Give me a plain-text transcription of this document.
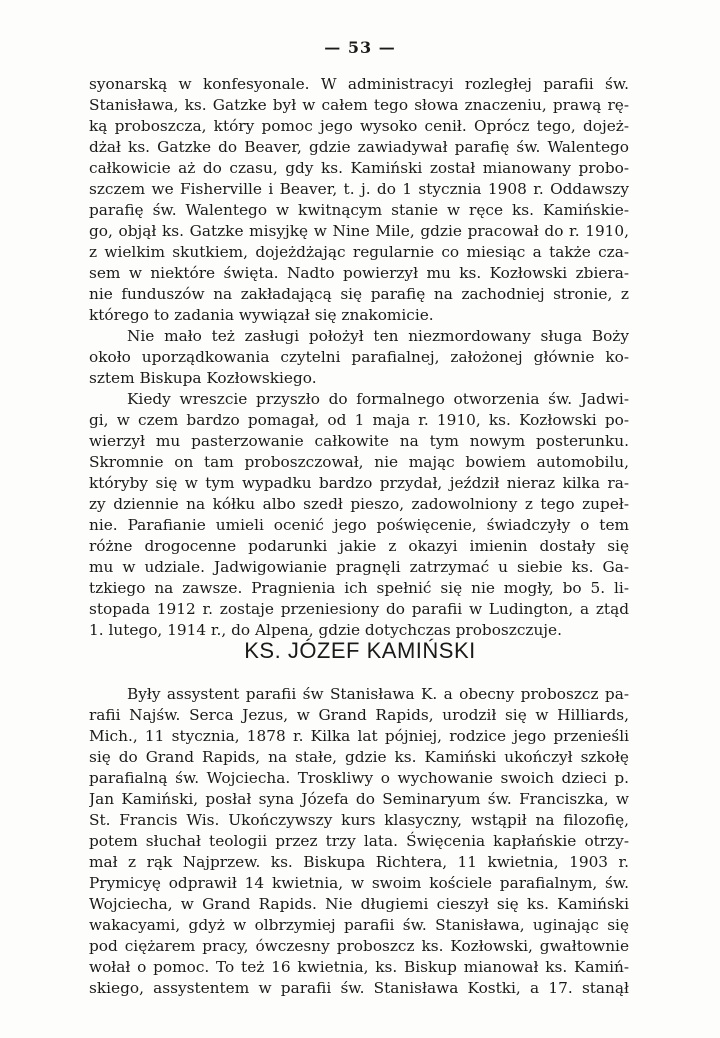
— 53 —
syonarską w konfesyonale. W administracyi rozległej parafii św.
Stanisława, ks. Gatzke był w całem tego słowa znaczeniu, prawą rę-
ką proboszcza, który pomoc jego wysoko cenił. Oprócz tego, dojeż-
dżał ks. Gatzke do Beaver, gdzie zawiadywał parafię św. Walentego
całkowicie aż do czasu, gdy ks. Kamiński został mianowany probo-
szczem we Fisherville i Beaver, t. j. do 1 stycznia 1908 r. Oddawszy
parafię św. Walentego w kwitnącym stanie w ręce ks. Kamińskie-
go, objął ks. Gatzke misyjkę w Nine Mile, gdzie pracował do r. 1910,
z wielkim skutkiem, dojeżdżając regularnie co miesiąc a także cza-
sem w niektóre święta. Nadto powierzył mu ks. Kozłowski zbiera-
nie funduszów na zakładającą się parafię na zachodniej stronie, z
którego to zadania wywiązał się znakomicie.
Nie mało też zasługi położył ten niezmordowany sługa Boży
około uporządkowania czytelni parafialnej, założonej głównie ko-
sztem Biskupa Kozłowskiego.
Kiedy wreszcie przyszło do formalnego otworzenia św. Jadwi-
gi, w czem bardzo pomagał, od 1 maja r. 1910, ks. Kozłowski po-
wierzył mu pasterzowanie całkowite na tym nowym posterunku.
Skromnie on tam proboszczował, nie mając bowiem automobilu,
któryby się w tym wypadku bardzo przydał, jeździł nieraz kilka ra-
zy dziennie na kółku albo szedł pieszo, zadowolniony z tego zupeł-
nie. Parafianie umieli ocenić jego poświęcenie, świadczyły o tem
różne drogocenne podarunki jakie z okazyi imienin dostały się
mu w udziale. Jadwigowianie pragnęli zatrzymać u siebie ks. Ga-
tzkiego na zawsze. Pragnienia ich spełnić się nie mogły, bo 5. li-
stopada 1912 r. zostaje przeniesiony do parafii w Ludington, a ztąd
1. lutego, 1914 r., do Alpena, gdzie dotychczas proboszczuje.
KS. JÓZEF KAMIŃSKI
Były assystent parafii św Stanisława K. a obecny proboszcz pa-
rafii Najśw. Serca Jezus, w Grand Rapids, urodził się w Hilliards,
Mich., 11 stycznia, 1878 r. Kilka lat pójniej, rodzice jego przenieśli
się do Grand Rapids, na stałe, gdzie ks. Kamiński ukończył szkołę
parafialną św. Wojciecha. Troskliwy o wychowanie swoich dzieci p.
Jan Kamiński, posłał syna Józefa do Seminaryum św. Franciszka, w
St. Francis Wis. Ukończywszy kurs klasyczny, wstąpił na filozofię,
potem słuchał teologii przez trzy lata. Święcenia kapłańskie otrzy-
mał z rąk Najprzew. ks. Biskupa Richtera, 11 kwietnia, 1903 r.
Prymicyę odprawił 14 kwietnia, w swoim kościele parafialnym, św.
Wojciecha, w Grand Rapids. Nie długiemi cieszył się ks. Kamiński
wakacyami, gdyż w olbrzymiej parafii św. Stanisława, uginając się
pod ciężarem pracy, ówczesny proboszcz ks. Kozłowski, gwałtownie
wołał o pomoc. To też 16 kwietnia, ks. Biskup mianował ks. Kamiń-
skiego, assystentem w parafii św. Stanisława Kostki, a 17. stanął
